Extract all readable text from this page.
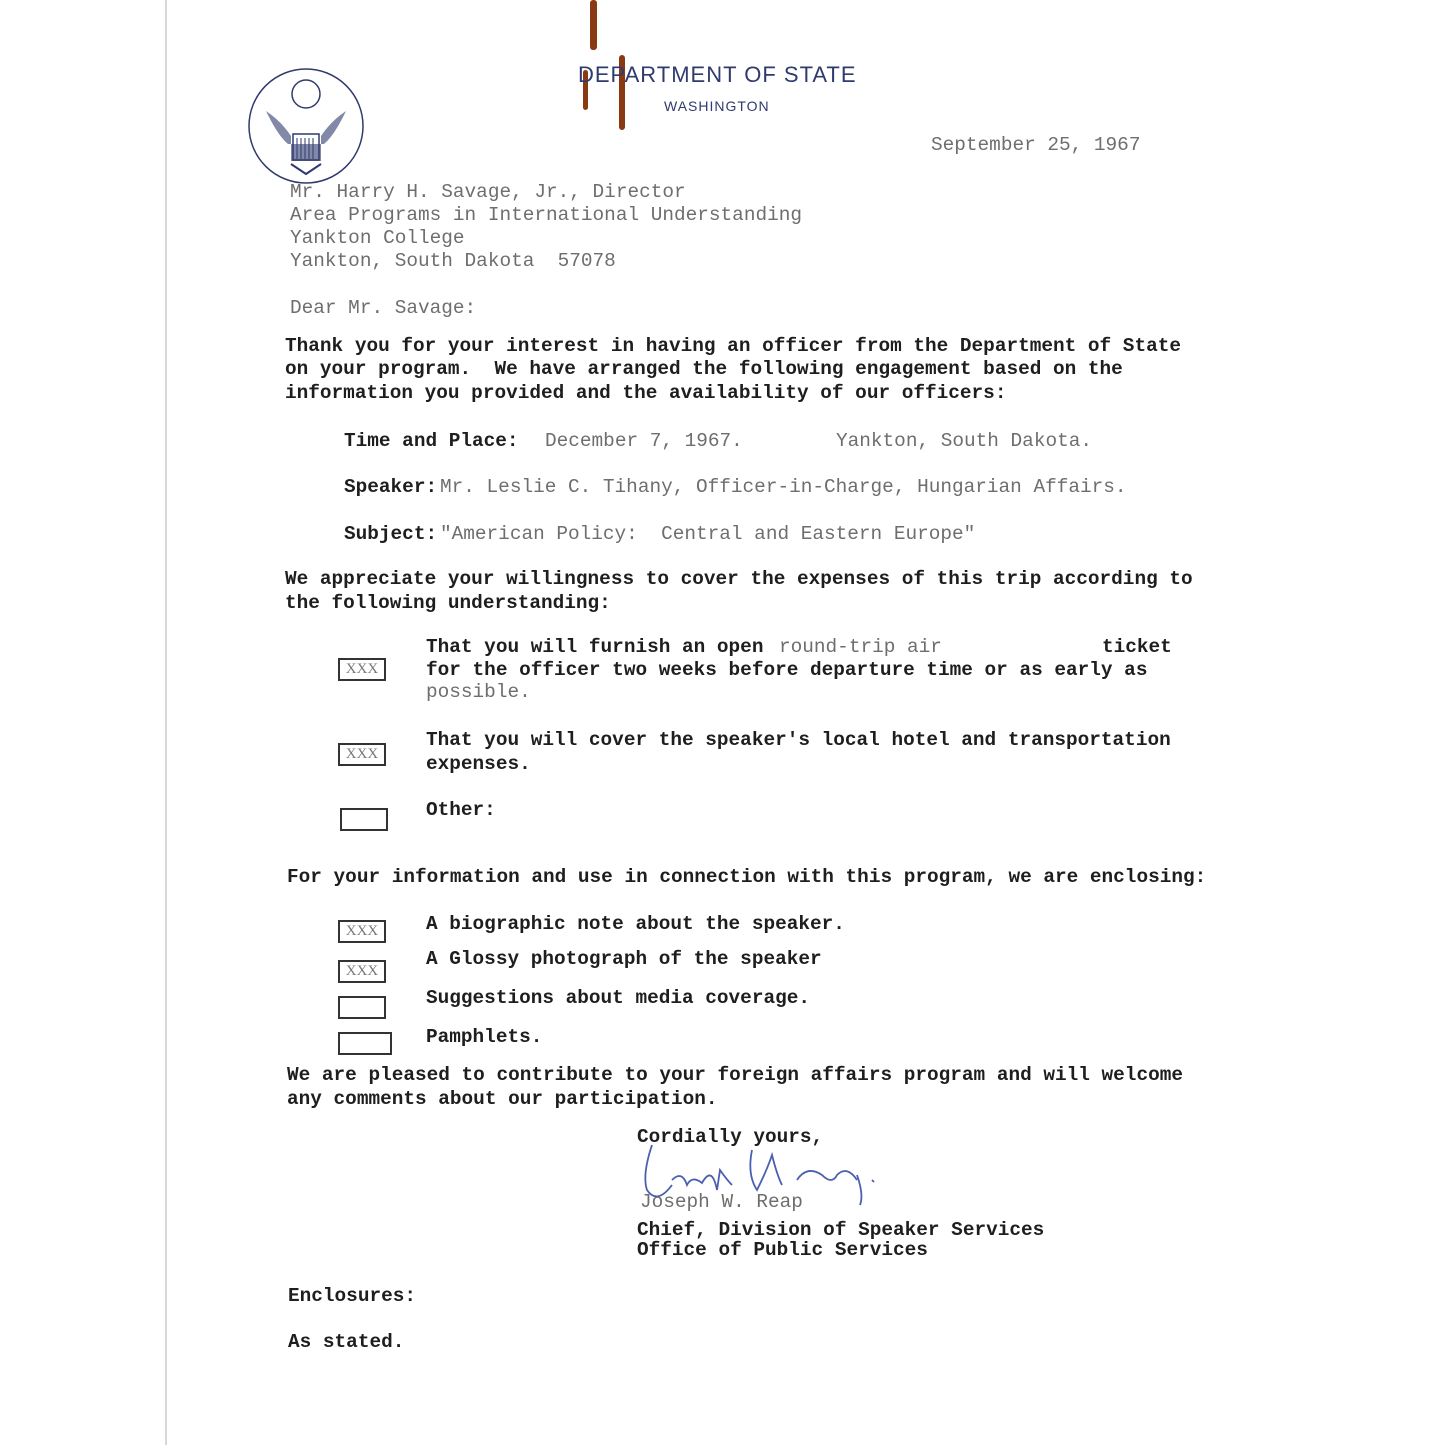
DEPARTMENT OF STATE
WASHINGTON
September 25, 1967
Mr. Harry H. Savage, Jr., Director
Area Programs in International Understanding
Yankton College
Yankton, South Dakota  57078
Dear Mr. Savage:
Thank you for your interest in having an officer from the Department of State
on your program.  We have arranged the following engagement based on the
information you provided and the availability of our officers:
Time and Place: December 7, 1967.	Yankton, South Dakota.
Speaker: Mr. Leslie C. Tihany, Officer-in-Charge, Hungarian Affairs.
Subject: "American Policy:  Central and Eastern Europe"
We appreciate your willingness to cover the expenses of this trip according to
the following understanding:
XXX
That you will furnish an open round-trip air	ticket
for the officer two weeks before departure time or as early as
possible.
XXX
That you will cover the speaker's local hotel and transportation
expenses.
Other:
For your information and use in connection with this program, we are enclosing:
XXX	A biographic note about the speaker.
XXX
A Glossy photograph of the speaker
Suggestions about media coverage.
Pamphlets.
We are pleased to contribute to your foreign affairs program and will welcome
any comments about our participation.
Cordially yours,
Joseph W. Reap
Chief, Division of Speaker Services
Office of Public Services
Enclosures:
As stated.
